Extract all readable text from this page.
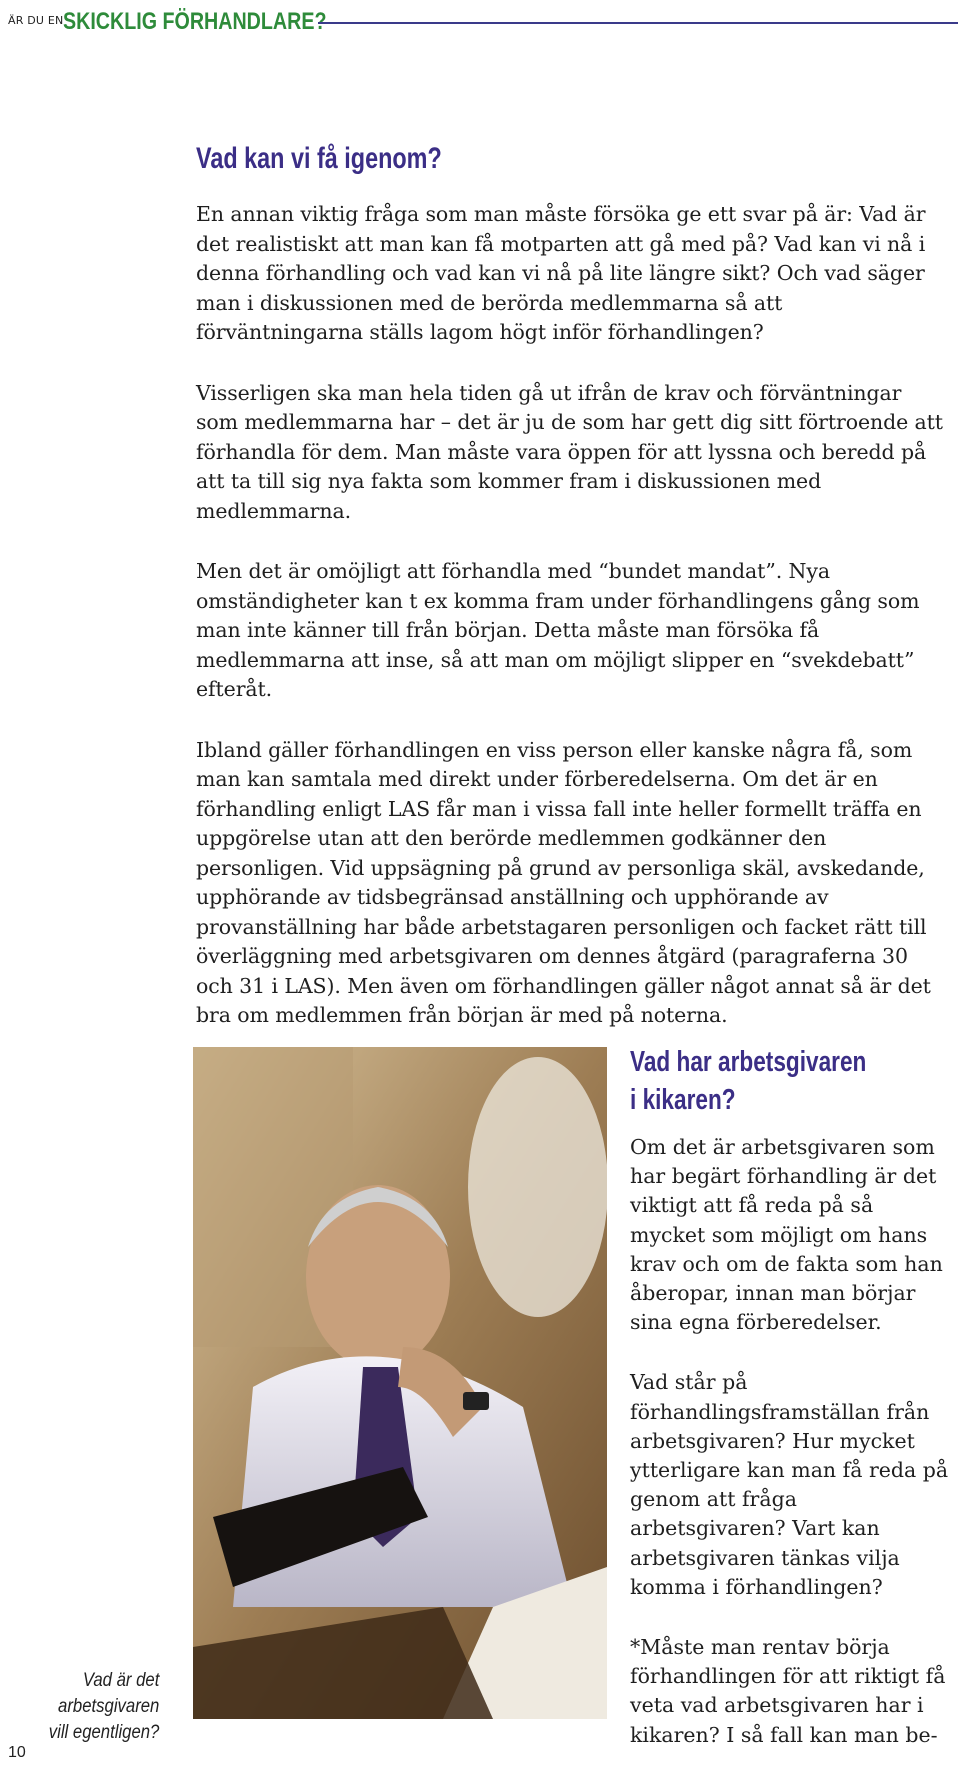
ÄR DU EN SKICKLIG FÖRHANDLARE?
Vad kan vi få igenom?

En annan viktig fråga som man måste försöka ge ett svar på är: Vad är det realistiskt att man kan få motparten att gå med på? Vad kan vi nå i denna förhandling och vad kan vi nå på lite längre sikt? Och vad säger man i diskussionen med de berörda medlemmarna så att förväntningarna ställs lagom högt inför förhandlingen?

Visserligen ska man hela tiden gå ut ifrån de krav och förväntningar som medlemmarna har – det är ju de som har gett dig sitt förtroende att förhandla för dem. Man måste vara öppen för att lyssna och beredd på att ta till sig nya fakta som kommer fram i diskussionen med medlemmarna.

Men det är omöjligt att förhandla med “bundet mandat”. Nya omständigheter kan t ex komma fram under förhandlingens gång som man inte känner till från början. Detta måste man försöka få medlemmarna att inse, så att man om möjligt slipper en “svekdebatt” efteråt.

Ibland gäller förhandlingen en viss person eller kanske några få, som man kan samtala med direkt under förberedelserna. Om det är en förhandling enligt LAS får man i vissa fall inte heller formellt träffa en uppgörelse utan att den berörde medlemmen godkänner den personligen. Vid uppsägning på grund av personliga skäl, avskedande, upphörande av tidsbegränsad anställning och upphörande av provanställning har både arbetstagaren personligen och facket rätt till överläggning med arbetsgivaren om dennes åtgärd (paragraferna 30 och 31 i LAS). Men även om förhandlingen gäller något annat så är det bra om medlemmen från början är med på noterna.

Vad har arbetsgivaren
i kikaren?

Om det är arbetsgivaren som har begärt förhandling är det viktigt att få reda på så mycket som möjligt om hans krav och om de fakta som han åberopar, innan man börjar sina egna förberedelser.

Vad står på förhandlingsframställan från arbetsgivaren? Hur mycket ytterligare kan man få reda på genom att fråga arbetsgivaren? Vart kan arbetsgivaren tänkas vilja komma i förhandlingen?

*Måste man rentav börja förhandlingen för att riktigt få veta vad arbetsgivaren har i kikaren? I så fall kan man be-

Vad är det arbetsgivaren
vill egentligen?
10
